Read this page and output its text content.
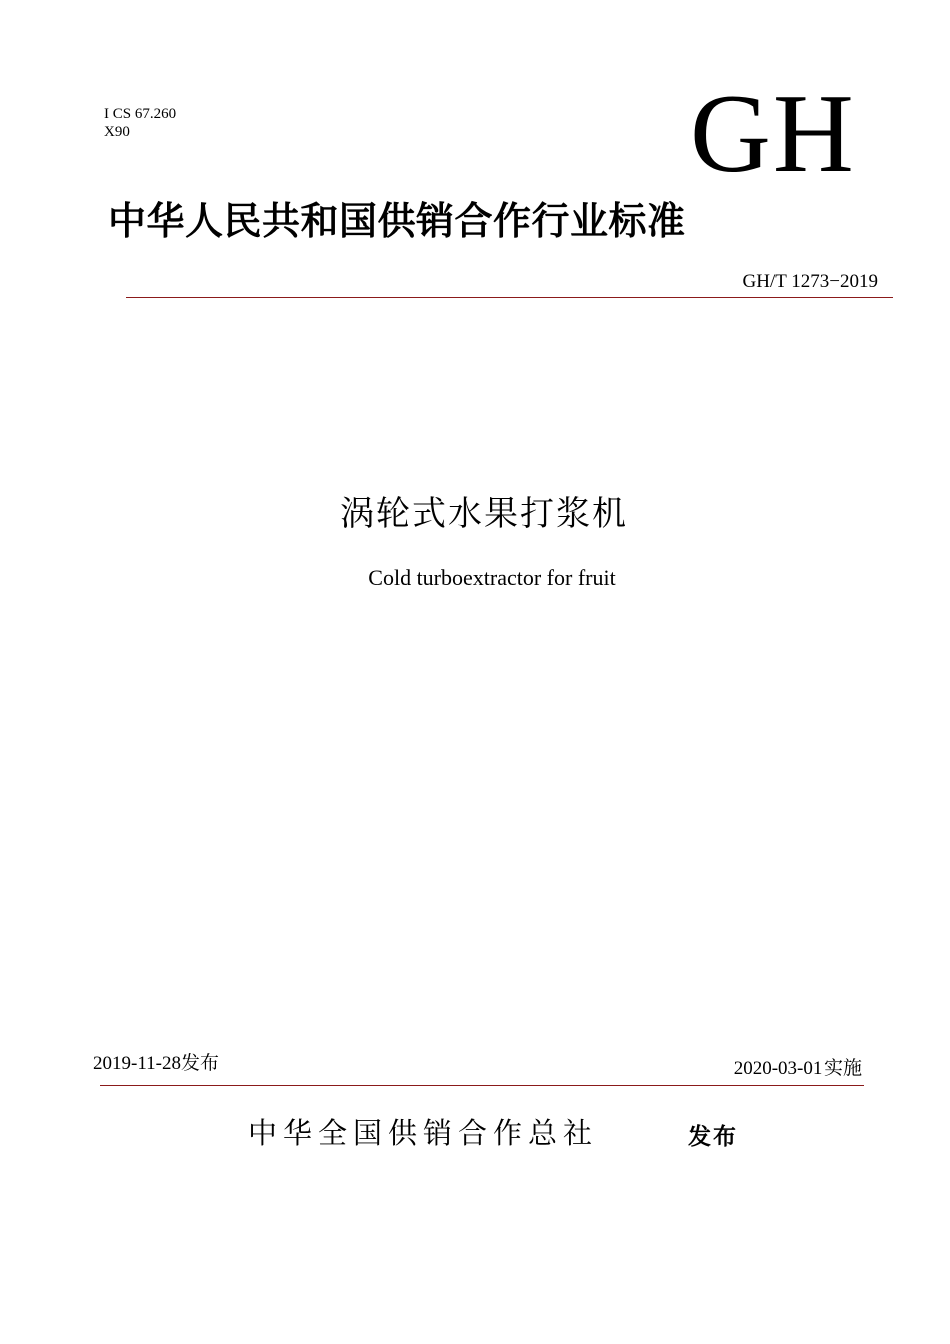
I CS 67.260
X90	GH
中华人民共和国供销合作行业标准
GH/T 1273−2019
涡轮式水果打浆机
Cold turboextractor for fruit
2019-11-28发布	2020-03-01 实施
中华全国供销合作总社	发布
